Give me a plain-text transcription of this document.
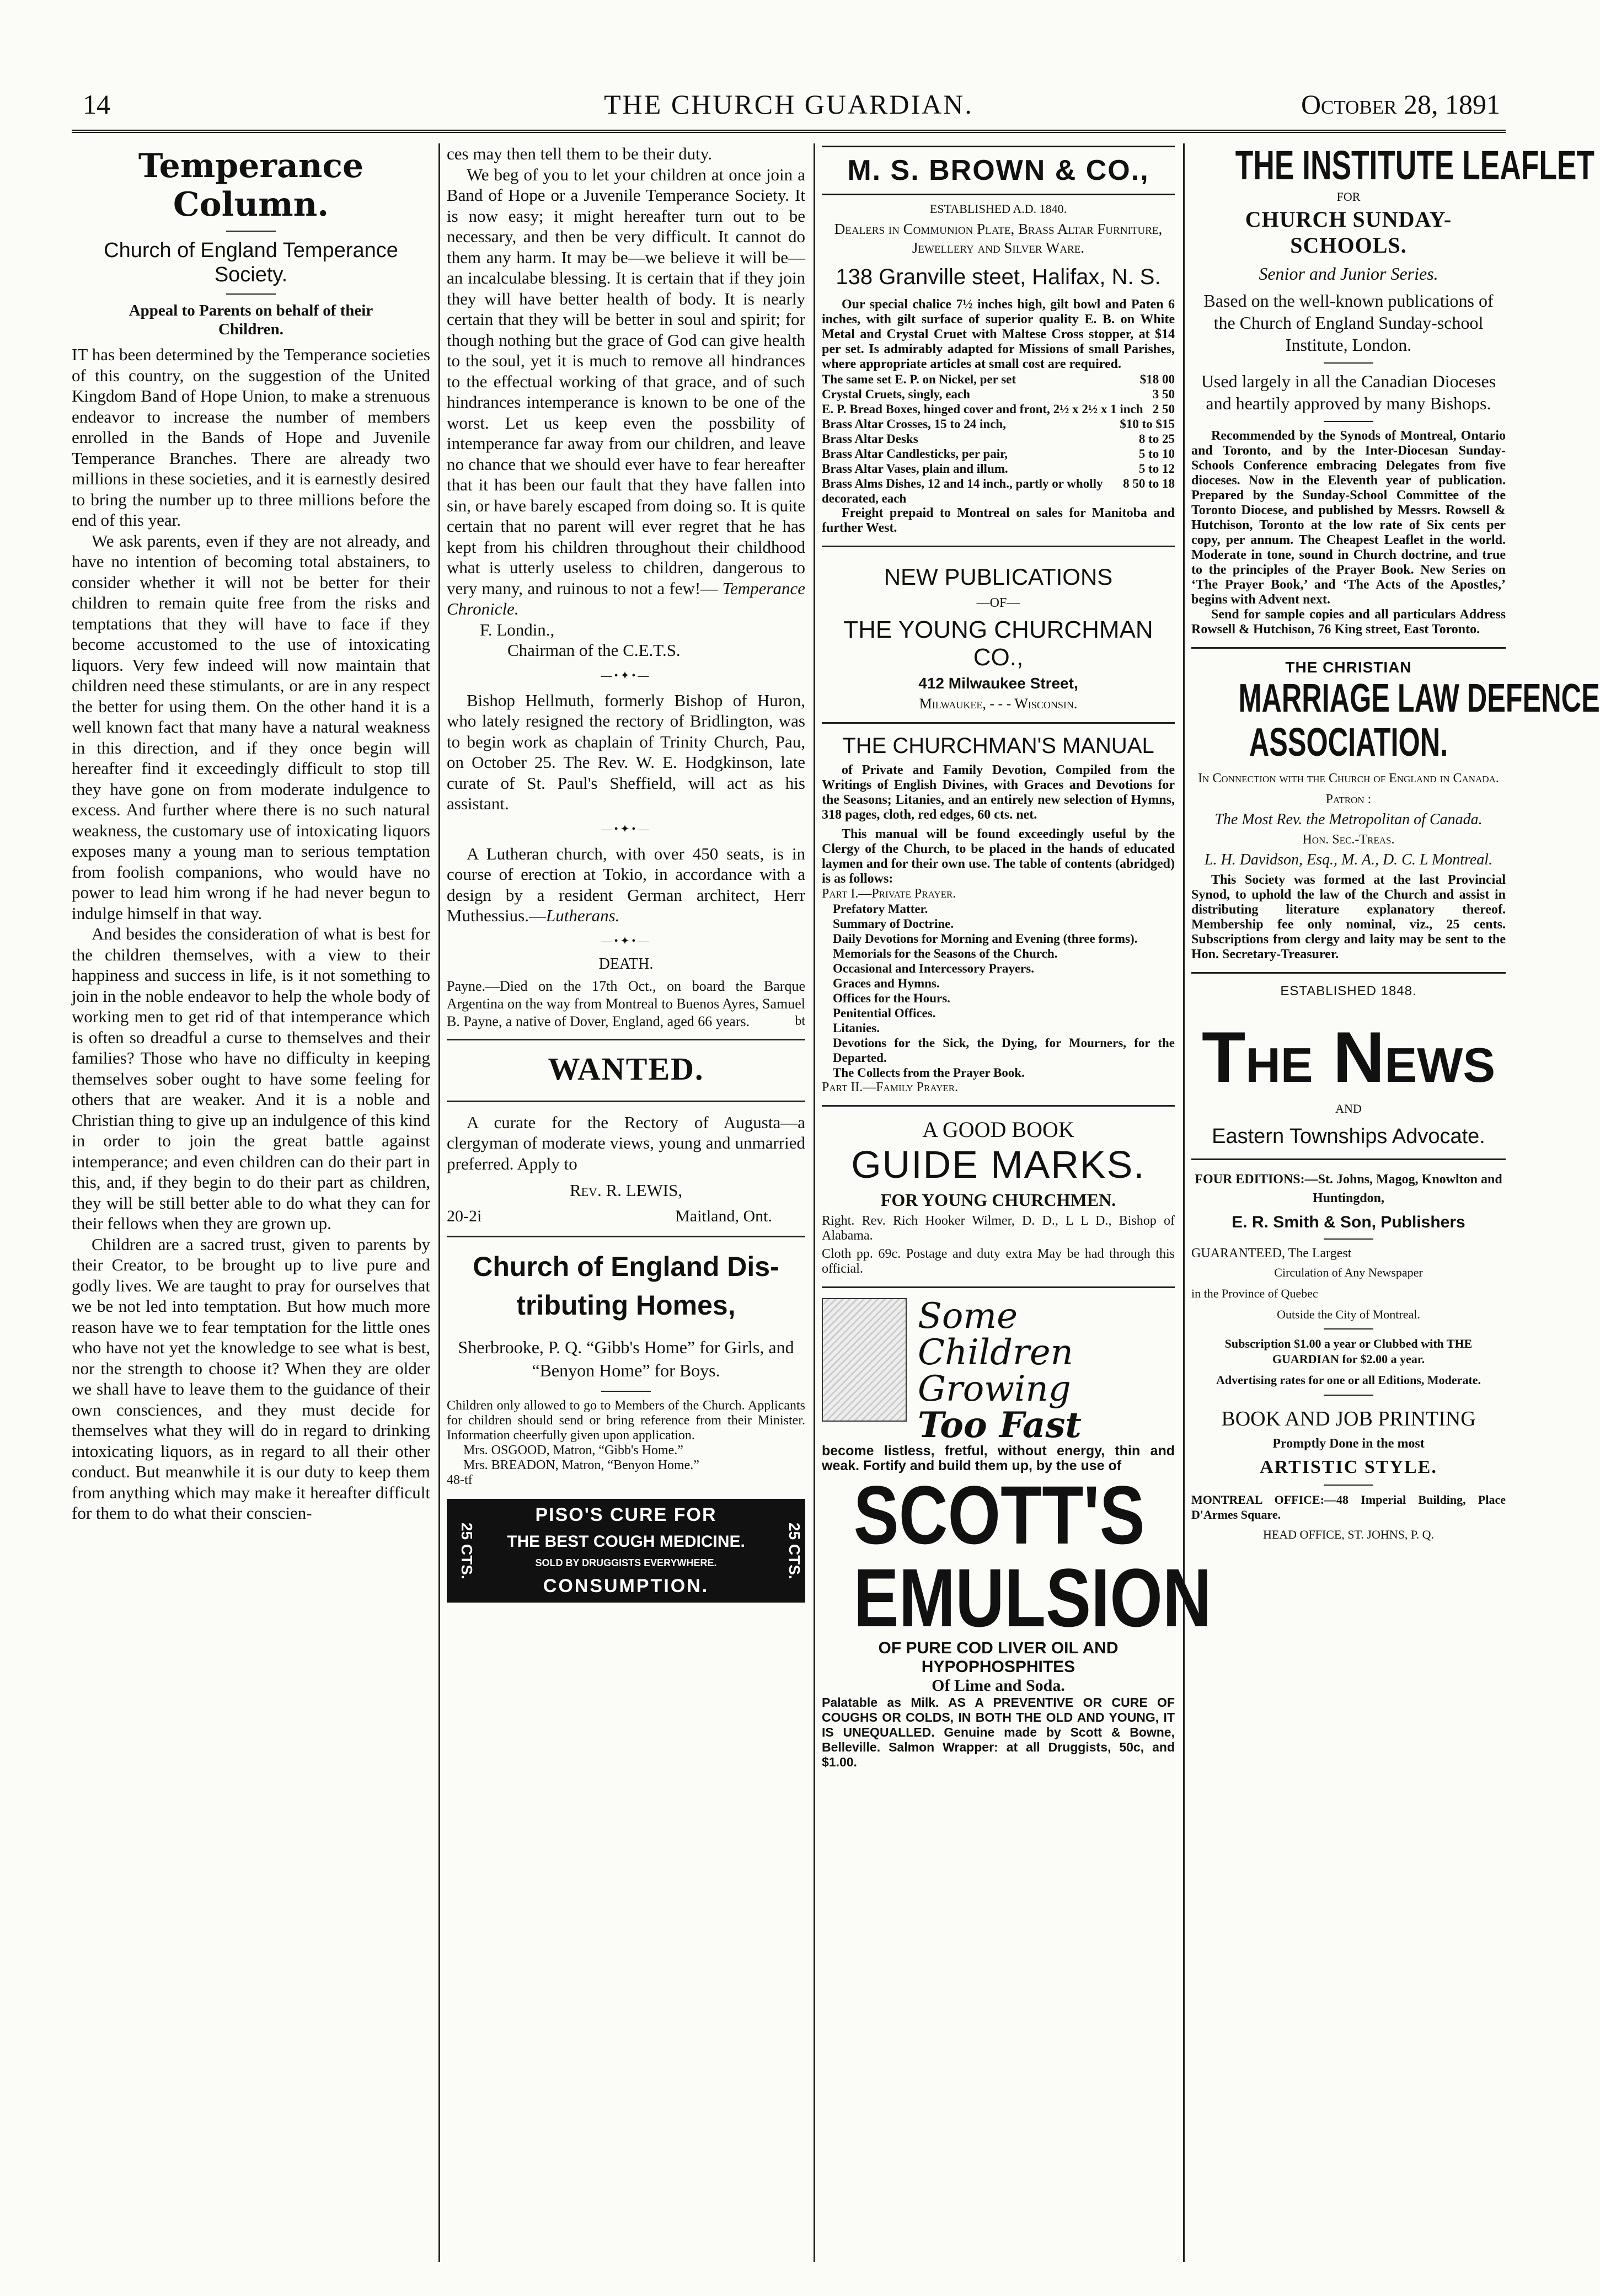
14	THE CHURCH GUARDIAN.	October 28, 1891

Temperance Column.

Church of England Temperance Society.

Appeal to Parents on behalf of their Children.

IT has been determined by the Temperance societies of this country, on the suggestion of the United Kingdom Band of Hope Union, to make a strenuous endeavor to increase the number of members enrolled in the Bands of Hope and Juvenile Temperance Branches. There are already two millions in these societies, and it is earnestly desired to bring the number up to three millions before the end of this year.

We ask parents, even if they are not already, and have no intention of becoming total abstainers, to consider whether it will not be better for their children to remain quite free from the risks and temptations that they will have to face if they become accustomed to the use of intoxicating liquors. Very few indeed will now maintain that children need these stimulants, or are in any respect the better for using them. On the other hand it is a well known fact that many have a natural weakness in this direction, and if they once begin will hereafter find it exceedingly difficult to stop till they have gone on from moderate indulgence to excess. And further where there is no such natural weakness, the customary use of intoxicating liquors exposes many a young man to serious temptation from foolish companions, who would have no power to lead him wrong if he had never begun to indulge himself in that way.

And besides the consideration of what is best for the children themselves, with a view to their happiness and success in life, is it not something to join in the noble endeavor to help the whole body of working men to get rid of that intemperance which is often so dreadful a curse to themselves and their families? Those who have no difficulty in keeping themselves sober ought to have some feeling for others that are weaker. And it is a noble and Christian thing to give up an indulgence of this kind in order to join the great battle against intemperance; and even children can do their part in this, and, if they begin to do their part as children, they will be still better able to do what they can for their fellows when they are grown up.

Children are a sacred trust, given to parents by their Creator, to be brought up to live pure and godly lives. We are taught to pray for ourselves that we be not led into temptation. But how much more reason have we to fear temptation for the little ones who have not yet the knowledge to see what is best, nor the strength to choose it? When they are older we shall have to leave them to the guidance of their own consciences, and they must decide for themselves what they will do in regard to drinking intoxicating liquors, as in regard to all their other conduct. But meanwhile it is our duty to keep them from anything which may make it hereafter difficult for them to do what their conscien-

ces may then tell them to be their duty.

We beg of you to let your children at once join a Band of Hope or a Juvenile Temperance Society. It is now easy; it might hereafter turn out to be necessary, and then be very difficult. It cannot do them any harm. It may be—we believe it will be—an incalculabe blessing. It is certain that if they join they will have better health of body. It is nearly certain that they will be better in soul and spirit; for though nothing but the grace of God can give health to the soul, yet it is much to remove all hindrances to the effectual working of that grace, and of such hindrances intemperance is known to be one of the worst. Let us keep even the possbility of intemperance far away from our children, and leave no chance that we should ever have to fear hereafter that it has been our fault that they have fallen into sin, or have barely escaped from doing so. It is quite certain that no parent will ever regret that he has kept from his children throughout their childhood what is utterly useless to children, dangerous to very many, and ruinous to not a few!— Temperance Chronicle.

F. Londin.,

Chairman of the C.E.T.S.

—•✦•—

Bishop Hellmuth, formerly Bishop of Huron, who lately resigned the rectory of Bridlington, was to begin work as chaplain of Trinity Church, Pau, on October 25. The Rev. W. E. Hodgkinson, late curate of St. Paul's Sheffield, will act as his assistant.

—•✦•—

A Lutheran church, with over 450 seats, is in course of erection at Tokio, in accordance with a design by a resident German architect, Herr Muthessius.—Lutherans.

—•✦•—

DEATH.

Payne.—Died on the 17th Oct., on board the Barque Argentina on the way from Montreal to Buenos Ayres, Samuel B. Payne, a native of Dover, England, aged 66 years.	bt

WANTED.

A curate for the Rectory of Augusta—a clergyman of moderate views, young and unmarried preferred. Apply to

Rev. R. LEWIS,

20-2i	Maitland, Ont.

Church of England Dis-

tributing Homes,

Sherbrooke, P. Q. “Gibb's Home” for Girls, and “Benyon Home” for Boys.

Children only allowed to go to Members of the Church. Applicants for children should send or bring reference from their Minister. Information cheerfully given upon application.

Mrs. OSGOOD, Matron, “Gibb's Home.”

Mrs. BREADON, Matron, “Benyon Home.”

48-tf

25 CTS.
PISO'S CURE FOR
THE BEST COUGH MEDICINE.
SOLD BY DRUGGISTS EVERYWHERE.
CONSUMPTION.
25 CTS.

M. S. BROWN & CO.,

ESTABLISHED A.D. 1840.

Dealers in Communion Plate, Brass Altar Furniture, Jewellery and Silver Ware.

138 Granville steet, Halifax, N. S.

Our special chalice 7½ inches high, gilt bowl and Paten 6 inches, with gilt surface of superior quality E. B. on White Metal and Crystal Cruet with Maltese Cross stopper, at $14 per set. Is admirably adapted for Missions of small Parishes, where appropriate articles at small cost are required.

The same set E. P. on Nickel, per set	$18 00
Crystal Cruets, singly, each	3 50
E. P. Bread Boxes, hinged cover and front, 2½ x 2½ x 1 inch 2 50
Brass Altar Crosses, 15 to 24 inch,	$10 to $15
Brass Altar Desks	8 to 25
Brass Altar Candlesticks, per pair,	5 to 10
Brass Altar Vases, plain and illum.	5 to 12
Brass Alms Dishes, 12 and 14 inch., partly or wholly decorated, each
8 50 to 18

Freight prepaid to Montreal on sales for Manitoba and further West.

NEW PUBLICATIONS

—OF—

THE YOUNG CHURCHMAN CO.,

412 Milwaukee Street,

Milwaukee, - - - Wisconsin.

THE CHURCHMAN'S MANUAL

of Private and Family Devotion, Compiled from the Writings of English Divines, with Graces and Devotions for the Seasons; Litanies, and an entirely new selection of Hymns, 318 pages, cloth, red edges, 60 cts. net.

This manual will be found exceedingly useful by the Clergy of the Church, to be placed in the hands of educated laymen and for their own use. The table of contents (abridged) is as follows:

Part I.—Private Prayer.

Prefatory Matter.

Summary of Doctrine.

Daily Devotions for Morning and Evening (three forms).

Memorials for the Seasons of the Church.

Occasional and Intercessory Prayers.

Graces and Hymns.

Offices for the Hours.

Penitential Offices.

Litanies.

Devotions for the Sick, the Dying, for Mourners, for the Departed.

The Collects from the Prayer Book.

Part II.—Family Prayer.

A GOOD BOOK

GUIDE MARKS.

FOR YOUNG CHURCHMEN.

Right. Rev. Rich Hooker Wilmer, D. D., L L D., Bishop of Alabama.

Cloth pp. 69c. Postage and duty extra May be had through this official.

Some

Children

Growing

Too Fast

become listless, fretful, without energy, thin and weak. Fortify and build them up, by the use of

SCOTT'S

EMULSION

OF PURE COD LIVER OIL AND

HYPOPHOSPHITES

Of Lime and Soda.

Palatable as Milk. AS A PREVENTIVE OR CURE OF COUGHS OR COLDS, IN BOTH THE OLD AND YOUNG, IT IS UNEQUALLED. Genuine made by Scott & Bowne, Belleville. Salmon Wrapper: at all Druggists, 50c, and $1.00.

THE INSTITUTE LEAFLET

FOR

CHURCH SUNDAY-SCHOOLS.

Senior and Junior Series.

Based on the well-known publications of the Church of England Sunday-school Institute, London.

Used largely in all the Canadian Dioceses and heartily approved by many Bishops.

Recommended by the Synods of Montreal, Ontario and Toronto, and by the Inter-Diocesan Sunday-Schools Conference embracing Delegates from five dioceses. Now in the Eleventh year of publication. Prepared by the Sunday-School Committee of the Toronto Diocese, and published by Messrs. Rowsell & Hutchison, Toronto at the low rate of Six cents per copy, per annum. The Cheapest Leaflet in the world. Moderate in tone, sound in Church doctrine, and true to the principles of the Prayer Book. New Series on ‘The Prayer Book,’ and ‘The Acts of the Apostles,’ begins with Advent next.

Send for sample copies and all particulars Address Rowsell & Hutchison, 76 King street, East Toronto.

THE CHRISTIAN

MARRIAGE LAW DEFENCE

ASSOCIATION.

In Connection with the Church of England in Canada.

Patron :

The Most Rev. the Metropolitan of Canada.

Hon. Sec.-Treas.

L. H. Davidson, Esq., M. A., D. C. L Montreal.

This Society was formed at the last Provincial Synod, to uphold the law of the Church and assist in distributing literature explanatory thereof. Membership fee only nominal, viz., 25 cents. Subscriptions from clergy and laity may be sent to the Hon. Secretary-Treasurer.

ESTABLISHED 1848.

THE NEWS

AND

Eastern Townships Advocate.

FOUR EDITIONS:—St. Johns, Magog, Knowlton and Huntingdon,

E. R. Smith & Son, Publishers

GUARANTEED, The Largest

Circulation of Any Newspaper

in the Province of Quebec

Outside the City of Montreal.

Subscription $1.00 a year or Clubbed with THE GUARDIAN for $2.00 a year.

Advertising rates for one or all Editions, Moderate.

BOOK AND JOB PRINTING

Promptly Done in the most

ARTISTIC STYLE.

MONTREAL OFFICE:—48 Imperial Building, Place D'Armes Square.

HEAD OFFICE, ST. JOHNS, P. Q.
